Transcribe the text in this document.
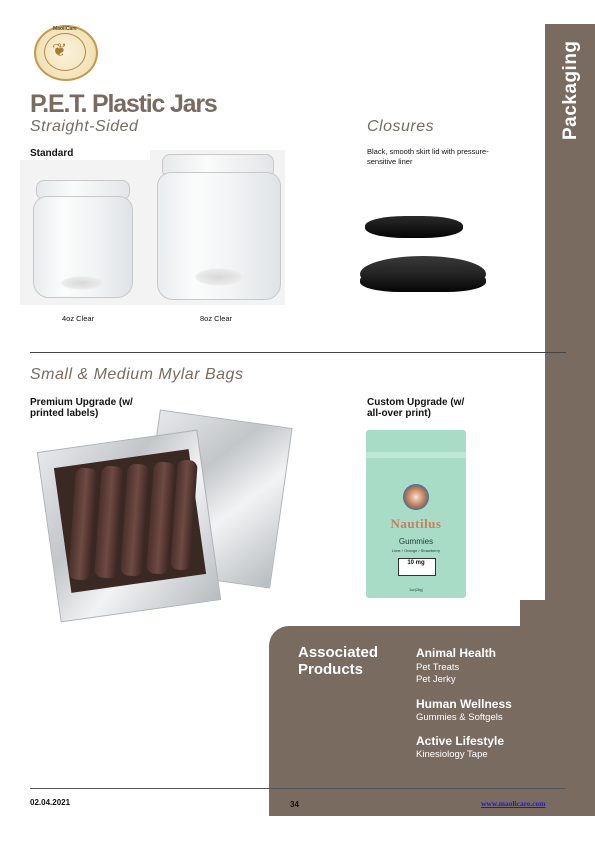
Packaging
MaoliCare
❦
P.E.T. Plastic Jars
Straight-Sided	Closures
Standard	Black, smooth skirt lid with pressure-sensitive liner
4oz Clear	8oz Clear
Small & Medium Mylar Bags
Premium Upgrade (w/ printed labels)
Custom Upgrade (w/ all-over print)
Nautilus
Gummies
Lime / Orange / Strawberry
10 mg
1oz(28g)
Associated Products
Animal Health
Pet Treats
Pet Jerky
Human Wellness
Gummies & Softgels
Active Lifestyle
Kinesiology Tape
02.04.2021	34	www.maolicare.com
